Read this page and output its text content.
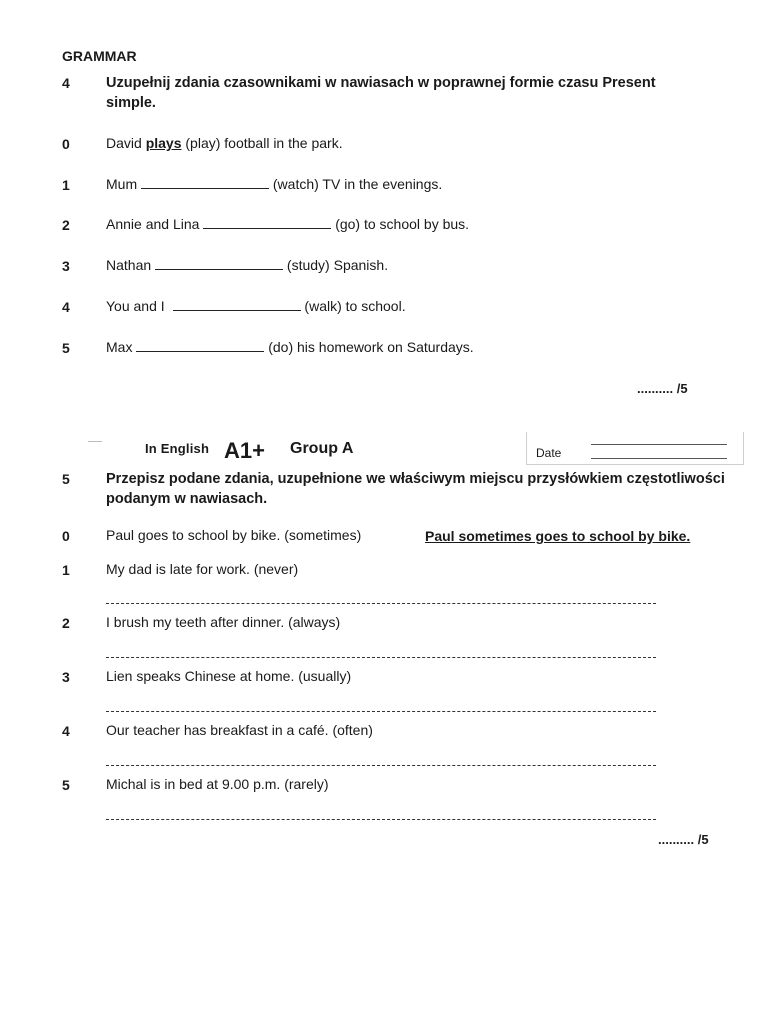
GRAMMAR
4 Uzupełnij zdania czasownikami w nawiasach w poprawnej formie czasu Present simple.
0	David plays (play) football in the park.
1	Mum	(watch) TV in the evenings.
2	Annie and Lina	(go) to school by bus.
3	Nathan	(study) Spanish.
4	You and I	(walk) to school.
5	Max	(do) his homework on Saturdays.
.......... /5
In English A1+ Group A	Date
5 Przepisz podane zdania, uzupełnione we właściwym miejscu przysłówkiem częstotliwości podanym w nawiasach.
0	Paul goes to school by bike. (sometimes)	Paul sometimes goes to school by bike.
1	My dad is late for work. (never)
2	I brush my teeth after dinner. (always)
3	Lien speaks Chinese at home. (usually)
4	Our teacher has breakfast in a café. (often)
5	Michal is in bed at 9.00 p.m. (rarely)
.......... /5
